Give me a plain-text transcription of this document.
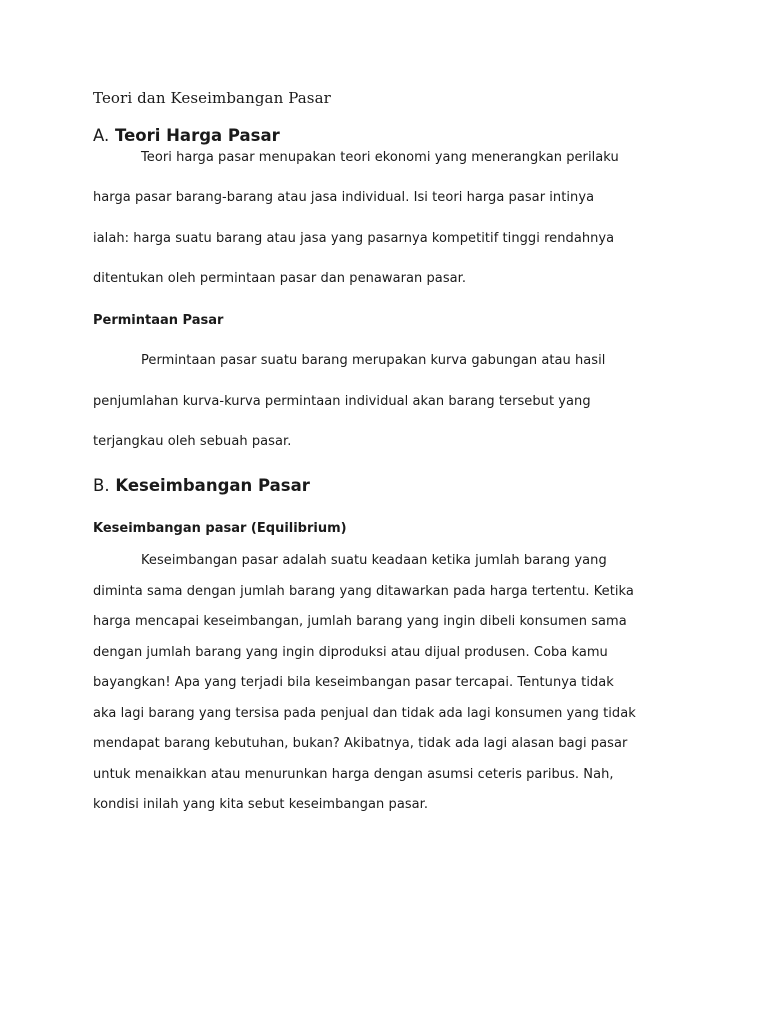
Teori dan Keseimbangan Pasar
A. Teori Harga Pasar
Teori harga pasar menupakan teori ekonomi yang menerangkan perilaku
harga pasar barang-barang atau jasa individual. Isi teori harga pasar intinya
ialah: harga suatu barang atau jasa yang pasarnya kompetitif tinggi rendahnya
ditentukan oleh permintaan pasar dan penawaran pasar.
Permintaan Pasar
Permintaan pasar suatu barang merupakan kurva gabungan atau hasil
penjumlahan kurva-kurva permintaan individual akan barang tersebut yang
terjangkau oleh sebuah pasar.
B. Keseimbangan Pasar
Keseimbangan pasar (Equilibrium)
Keseimbangan pasar adalah suatu keadaan ketika jumlah barang yang
diminta sama dengan jumlah barang yang ditawarkan pada harga tertentu. Ketika
harga mencapai keseimbangan, jumlah barang yang ingin dibeli konsumen sama
dengan jumlah barang yang ingin diproduksi atau dijual produsen. Coba kamu
bayangkan! Apa yang terjadi bila keseimbangan pasar tercapai. Tentunya tidak
aka lagi barang yang tersisa pada penjual dan tidak ada lagi konsumen yang tidak
mendapat barang kebutuhan, bukan? Akibatnya, tidak ada lagi alasan bagi pasar
untuk menaikkan atau menurunkan harga dengan asumsi ceteris paribus. Nah,
kondisi inilah yang kita sebut keseimbangan pasar.
